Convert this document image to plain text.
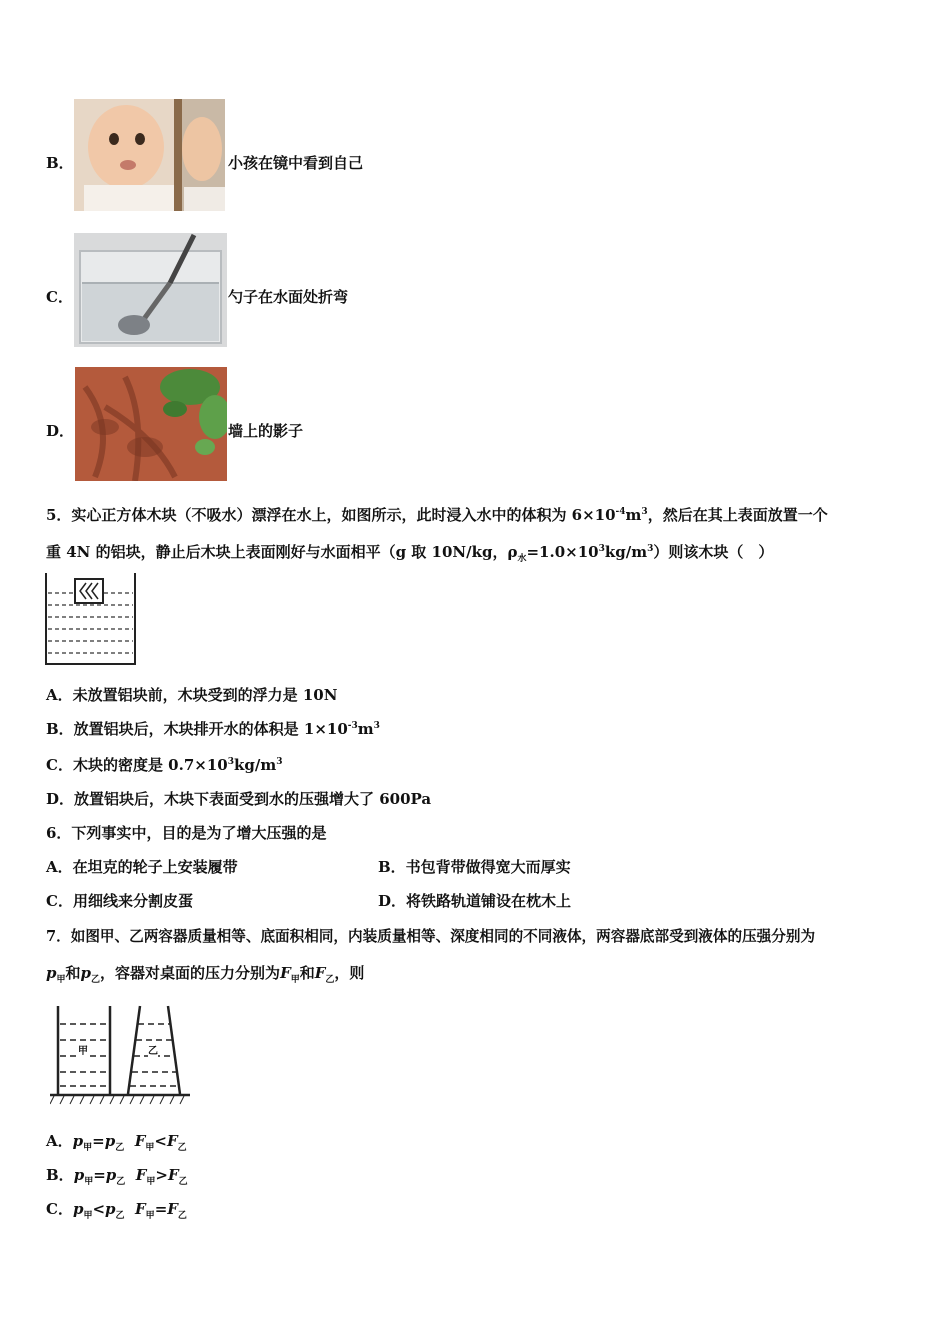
B．	小孩在镜中看到自己
C．	勺子在水面处折弯
D．	墙上的影子
5．实心正方体木块（不吸水）漂浮在水上，如图所示，此时浸入水中的体积为 $6\times 10^{-4}m^3$，然后在其上表面放置一个
重 4N 的铝块，静止后木块上表面刚好与水面相平（g 取 10N/kg，$\rho_水=1.0\times 10^3kg/m^3$）则该木块（　）
A．未放置铝块前，木块受到的浮力是 10N
B．放置铝块后，木块排开水的体积是 $1\times 10^{-3}m^3$
C．木块的密度是 $0.7\times 10^3kg/m^3$
D．放置铝块后，木块下表面受到水的压强增大了 600Pa
6．下列事实中，目的是为了增大压强的是
A．在坦克的轮子上安装履带	B．书包背带做得宽大而厚实
C．用细线来分割皮蛋	D．将铁路轨道铺设在枕木上
7．如图甲、乙两容器质量相等、底面积相同，内装质量相等、深度相同的不同液体，两容器底部受到液体的压强分别为
$p_甲$和$p_乙$，容器对桌面的压力分别为$F_甲$和$F_乙$，则
甲	乙
A．$p_甲=p_乙$ $F_甲<F_乙$
B．$p_甲=p_乙$ $F_甲>F_乙$
C．$p_甲<p_乙$ $F_甲=F_乙$
